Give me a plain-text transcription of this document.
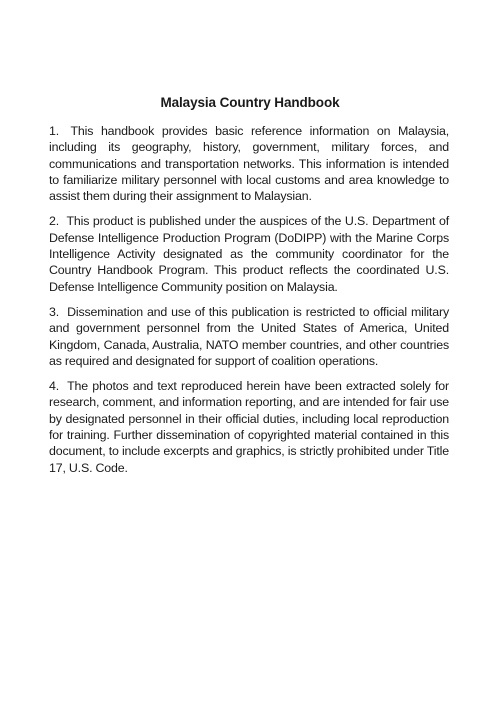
Malaysia Country Handbook

1. This handbook provides basic reference information on Malaysia, including its geography, history, government, military forces, and communications and transportation networks. This information is intended to familiarize military personnel with local customs and area knowledge to assist them during their assignment to Malaysian.

2. This product is published under the auspices of the U.S. Department of Defense Intelligence Production Program (DoDIPP) with the Marine Corps Intelligence Activity designated as the community coordinator for the Country Handbook Program. This product reflects the coordinated U.S. Defense Intelligence Community position on Malaysia.

3. Dissemination and use of this publication is restricted to official military and government personnel from the United States of America, United Kingdom, Canada, Australia, NATO member countries, and other countries as required and designated for support of coalition operations.

4. The photos and text reproduced herein have been extracted solely for research, comment, and information reporting, and are intended for fair use by designated personnel in their official duties, including local reproduction for training. Further dissemination of copyrighted material contained in this document, to include excerpts and graphics, is strictly prohibited under Title 17, U.S. Code.
